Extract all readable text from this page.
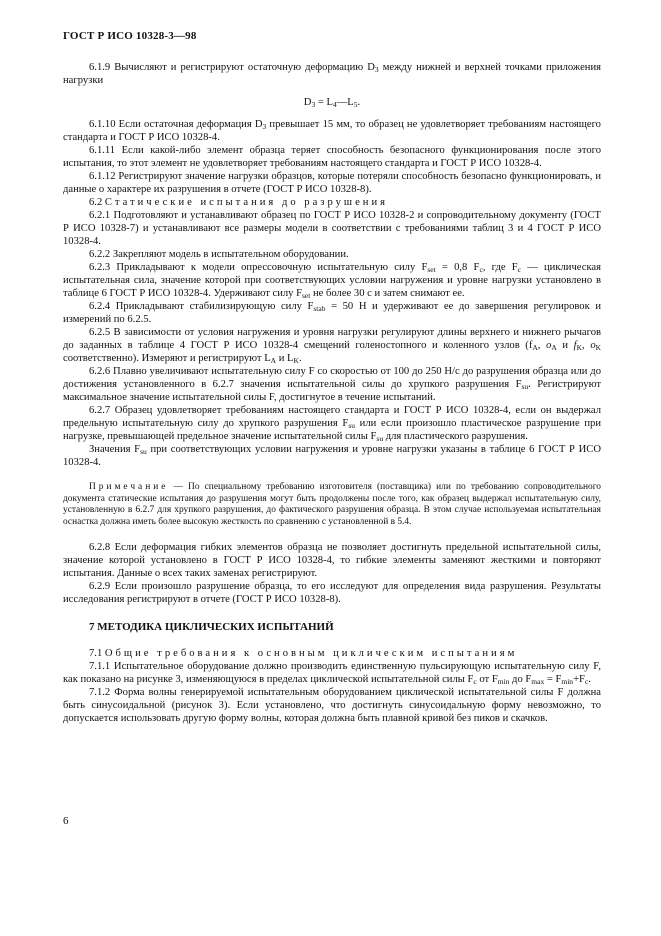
ГОСТ Р ИСО 10328-3—98

6.1.9 Вычисляют и регистрируют остаточную деформацию $D_3$ между нижней и верхней точками приложения нагрузки

$D_3$ = $L_4—L_5$.

6.1.10 Если остаточная деформация $D_3$ превышает 15 мм, то образец не удовлетворяет требованиям настоящего стандарта и ГОСТ Р ИСО 10328-4.

6.1.11 Если какой-либо элемент образца теряет способность безопасного функционирования после этого испытания, то этот элемент не удовлетворяет требованиям настоящего стандарта и ГОСТ Р ИСО 10328-4.

6.1.12 Регистрируют значение нагрузки образцов, которые потеряли способность безопасно функционировать, и данные о характере их разрушения в отчете (ГОСТ Р ИСО 10328-8).

6.2 Статические испытания до разрушения

6.2.1 Подготовляют и устанавливают образец по ГОСТ Р ИСО 10328-2 и сопроводительному документу (ГОСТ Р ИСО 10328-7) и устанавливают все размеры модели в соответствии с требованиями таблиц 3 и 4 ГОСТ Р ИСО 10328-4.

6.2.2 Закрепляют модель в испытательном оборудовании.

6.2.3 Прикладывают к модели опрессовочную испытательную силу $F_{set} = 0,8$ $F_c$, где $F_c$ — циклическая испытательная сила, значение которой при соответствующих условии нагружения и уровне нагрузки установлено в таблице 6 ГОСТ Р ИСО 10328-4. Удерживают силу $F_{set}$ не более 30 с и затем снимают ее.

6.2.4 Прикладывают стабилизирующую силу $F_{stab} = 50$ Н и удерживают ее до завершения регулировок и измерений по 6.2.5.

6.2.5 В зависимости от условия нагружения и уровня нагрузки регулируют длины верхнего и нижнего рычагов до заданных в таблице 4 ГОСТ Р ИСО 10328-4 смещений голеностопного и коленного узлов ($f_A$, $o_A$ и $f_K$, $o_K$ соответственно). Измеряют и регистрируют $L_A$ и $L_K$.

6.2.6 Плавно увеличивают испытательную силу F со скоростью от 100 до 250 Н/с до разрушения образца или до достижения установленного в 6.2.7 значения испытательной силы до хрупкого разрушения $F_{su}$. Регистрируют максимальное значение испытательной силы F, достигнутое в течение испытаний.

6.2.7 Образец удовлетворяет требованиям настоящего стандарта и ГОСТ Р ИСО 10328-4, если он выдержал предельную испытательную силу до хрупкого разрушения $F_{su}$ или если произошло пластическое разрушение при нагрузке, превышающей предельное значение испытательной силы $F_{su}$ для пластического разрушения.

Значения $F_{su}$ при соответствующих условии нагружения и уровне нагрузки указаны в таблице 6 ГОСТ Р ИСО 10328-4.

Примечание — По специальному требованию изготовителя (поставщика) или по требованию сопроводительного документа статические испытания до разрушения могут быть продолжены после того, как образец выдержал испытательную силу, установленную в 6.2.7 для хрупкого разрушения, до фактического разрушения образца. В этом случае используемая испытательная оснастка должна иметь более высокую жесткость по сравнению с установленной в 5.4.

6.2.8 Если деформация гибких элементов образца не позволяет достигнуть предельной испытательной силы, значение которой установлено в ГОСТ Р ИСО 10328-4, то гибкие элементы заменяют жесткими и повторяют испытания. Данные о всех таких заменах регистрируют.

6.2.9 Если произошло разрушение образца, то его исследуют для определения вида разрушения. Результаты исследования регистрируют в отчете (ГОСТ Р ИСО 10328-8).

7 МЕТОДИКА ЦИКЛИЧЕСКИХ ИСПЫТАНИЙ

7.1 Общие требования к основным циклическим испытаниям

7.1.1 Испытательное оборудование должно производить единственную пульсирующую испытательную силу F, как показано на рисунке 3, изменяющуюся в пределах циклической испытательной силы $F_c$ от $F_{min}$ до $F_{max} = F_{min}+F_c$.

7.1.2 Форма волны генерируемой испытательным оборудованием циклической испытательной силы F должна быть синусоидальной (рисунок 3). Если установлено, что достигнуть синусоидальную форму невозможно, то допускается использовать другую форму волны, которая должна быть плавной кривой без пиков и скачков.

6
